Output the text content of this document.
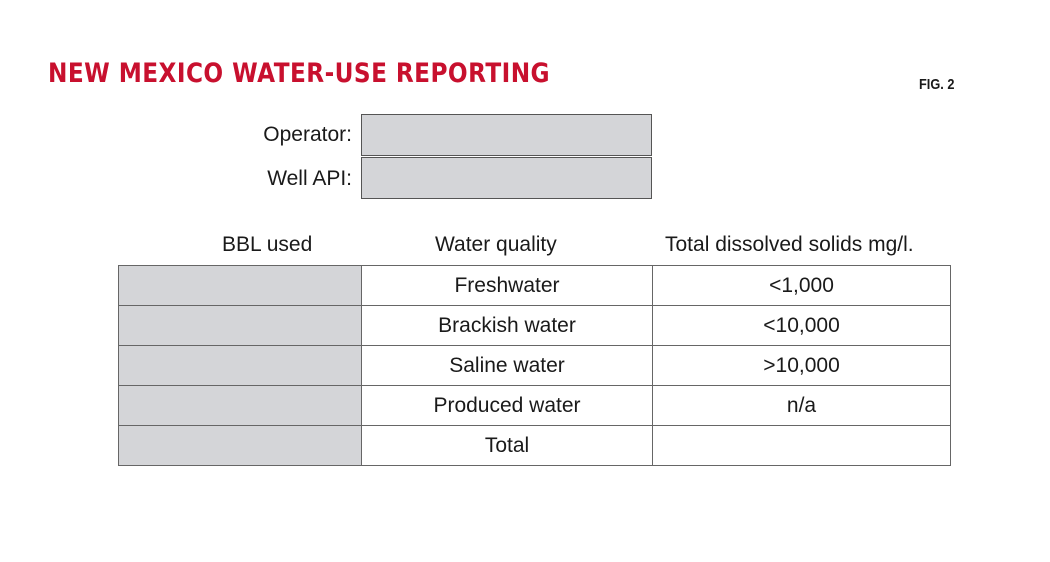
NEW MEXICO WATER-USE REPORTING	FIG. 2
Operator:
Well API:
BBL used	Water quality	Total dissolved solids mg/l.
	Freshwater	<1,000
	Brackish water	<10,000
	Saline water	>10,000
	Produced water	n/a
	Total	
